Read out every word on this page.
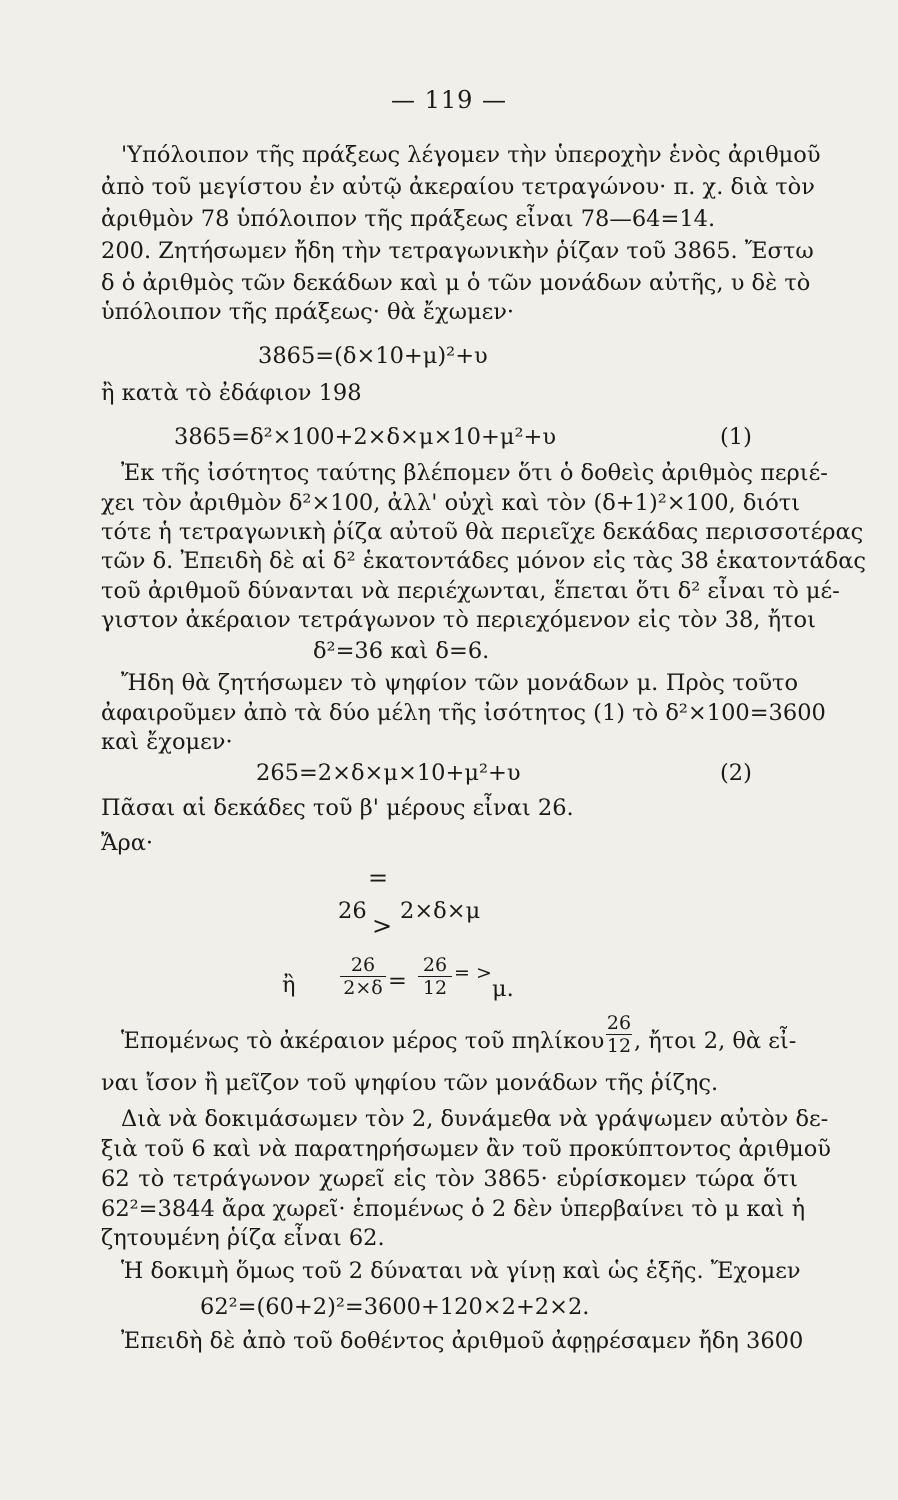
— 119 —
'Υπόλοιπον τῆς πράξεως λέγομεν τὴν ὑπεροχὴν ἑνὸς ἀριθμοῦ
ἀπὸ τοῦ μεγίστου ἐν αὐτῷ ἀκεραίου τετραγώνου· π. χ. διὰ τὸν
ἀριθμὸν 78 ὑπόλοιπον τῆς πράξεως εἶναι 78—64=14.
200. Ζητήσωμεν ἤδη τὴν τετραγωνικὴν ῥίζαν τοῦ 3865. Ἔστω
δ ὁ ἀριθμὸς τῶν δεκάδων καὶ μ ὁ τῶν μονάδων αὐτῆς, υ δὲ τὸ
ὑπόλοιπον τῆς πράξεως· θὰ ἔχωμεν·
3865=(δ×10+μ)²+υ
ἢ κατὰ τὸ ἐδάφιον 198
3865=δ²×100+2×δ×μ×10+μ²+υ	(1)
Ἐκ τῆς ἰσότητος ταύτης βλέπομεν ὅτι ὁ δοθεὶς ἀριθμὸς περιέ-
χει τὸν ἀριθμὸν δ²×100, ἀλλ' οὐχὶ καὶ τὸν (δ+1)²×100, διότι
τότε ἡ τετραγωνικὴ ῥίζα αὐτοῦ θὰ περιεῖχε δεκάδας περισσοτέρας
τῶν δ. Ἐπειδὴ δὲ αἱ δ² ἑκατοντάδες μόνον εἰς τὰς 38 ἑκατοντάδας
τοῦ ἀριθμοῦ δύνανται νὰ περιέχωνται, ἕπεται ὅτι δ² εἶναι τὸ μέ-
γιστον ἀκέραιον τετράγωνον τὸ περιεχόμενον εἰς τὸν 38, ἤτοι
δ²=36 καὶ δ=6.
Ἤδη θὰ ζητήσωμεν τὸ ψηφίον τῶν μονάδων μ. Πρὸς τοῦτο
ἀφαιροῦμεν ἀπὸ τὰ δύο μέλη τῆς ἰσότητος (1) τὸ δ²×100=3600
καὶ ἔχομεν·
265=2×δ×μ×10+μ²+υ	(2)
Πᾶσαι αἱ δεκάδες τοῦ β' μέρους εἶναι 26.
Ἄρα·
=
26 2×δ×μ
>
ἢ $\frac{26}{2\times\delta} = \frac{26}{12}$ = >
μ.
Ἑπομένως τὸ ἀκέραιον μέρος τοῦ πηλίκου $\frac{26}{12}$ , ἤτοι 2, θὰ εἶ-
ναι ἴσον ἢ μεῖζον τοῦ ψηφίου τῶν μονάδων τῆς ῥίζης.
Διὰ νὰ δοκιμάσωμεν τὸν 2, δυνάμεθα νὰ γράψωμεν αὐτὸν δε-
ξιὰ τοῦ 6 καὶ νὰ παρατηρήσωμεν ἂν τοῦ προκύπτοντος ἀριθμοῦ
62 τὸ τετράγωνον χωρεῖ εἰς τὸν 3865· εὑρίσκομεν τώρα ὅτι
62²=3844 ἄρα χωρεῖ· ἑπομένως ὁ 2 δὲν ὑπερβαίνει τὸ μ καὶ ἡ
ζητουμένη ῥίζα εἶναι 62.
Ἡ δοκιμὴ ὅμως τοῦ 2 δύναται νὰ γίνῃ καὶ ὡς ἑξῆς. Ἔχομεν
62²=(60+2)²=3600+120×2+2×2.
Ἐπειδὴ δὲ ἀπὸ τοῦ δοθέντος ἀριθμοῦ ἀφῃρέσαμεν ἤδη 3600
